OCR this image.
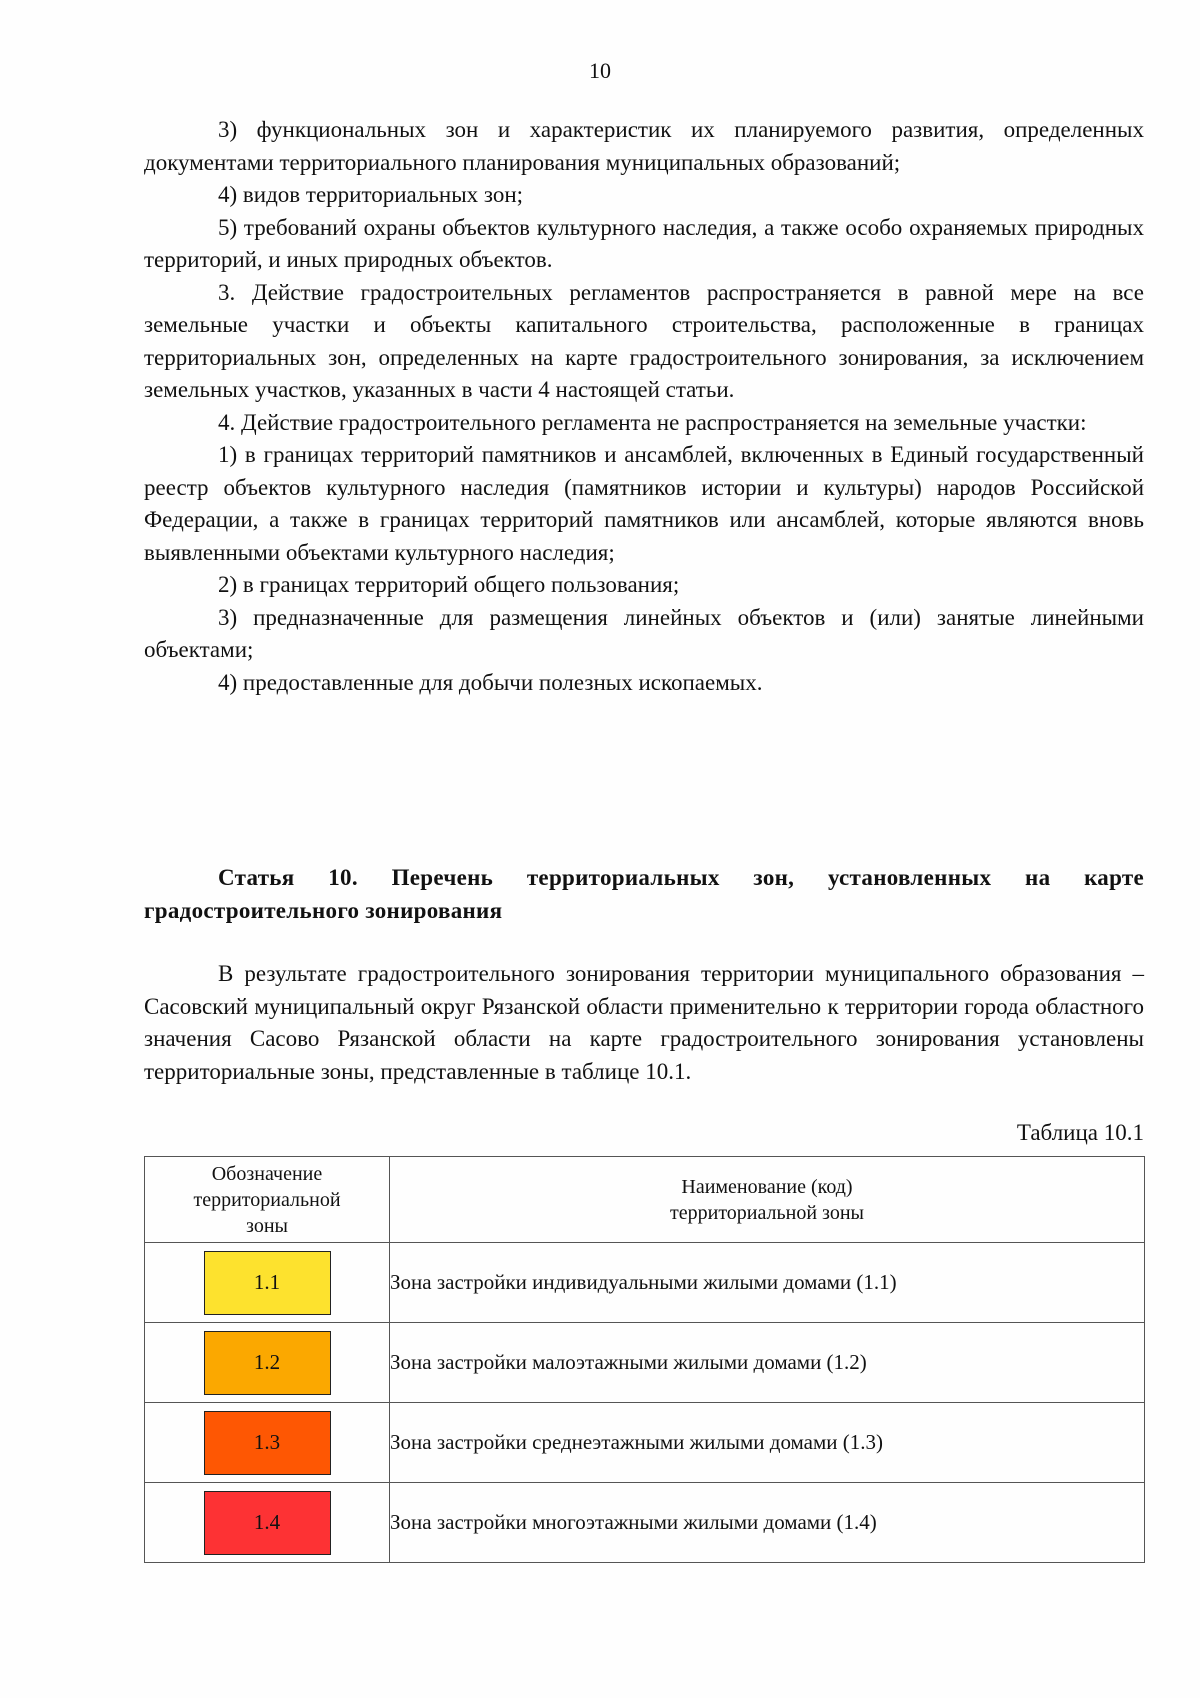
10

3) функциональных зон и характеристик их планируемого развития, определенных документами территориального планирования муниципальных образований;

4) видов территориальных зон;

5) требований охраны объектов культурного наследия, а также особо охраняемых природных территорий, и иных природных объектов.

3. Действие градостроительных регламентов распространяется в равной мере на все земельные участки и объекты капитального строительства, расположенные в границах территориальных зон, определенных на карте градостроительного зонирования, за исключением земельных участков, указанных в части 4 настоящей статьи.

4. Действие градостроительного регламента не распространяется на земельные участки:

1) в границах территорий памятников и ансамблей, включенных в Единый государственный реестр объектов культурного наследия (памятников истории и культуры) народов Российской Федерации, а также в границах территорий памятников или ансамблей, которые являются вновь выявленными объектами культурного наследия;

2) в границах территорий общего пользования;

3) предназначенные для размещения линейных объектов и (или) занятые линейными объектами;

4) предоставленные для добычи полезных ископаемых.

Статья 10. Перечень территориальных зон, установленных на карте градостроительного зонирования
В результате градостроительного зонирования территории муниципального образования – Сасовский муниципальный округ Рязанской области применительно к территории города областного значения Сасово Рязанской области на карте градостроительного зонирования установлены территориальные зоны, представленные в таблице 10.1.
Таблица 10.1
Обозначение территориальной зоны	Наименование (код)
территориальной зоны

1.1	Зона застройки индивидуальными жилыми домами (1.1)

1.2	Зона застройки малоэтажными жилыми домами (1.2)

1.3	Зона застройки среднеэтажными жилыми домами (1.3)

1.4	Зона застройки многоэтажными жилыми домами (1.4)
